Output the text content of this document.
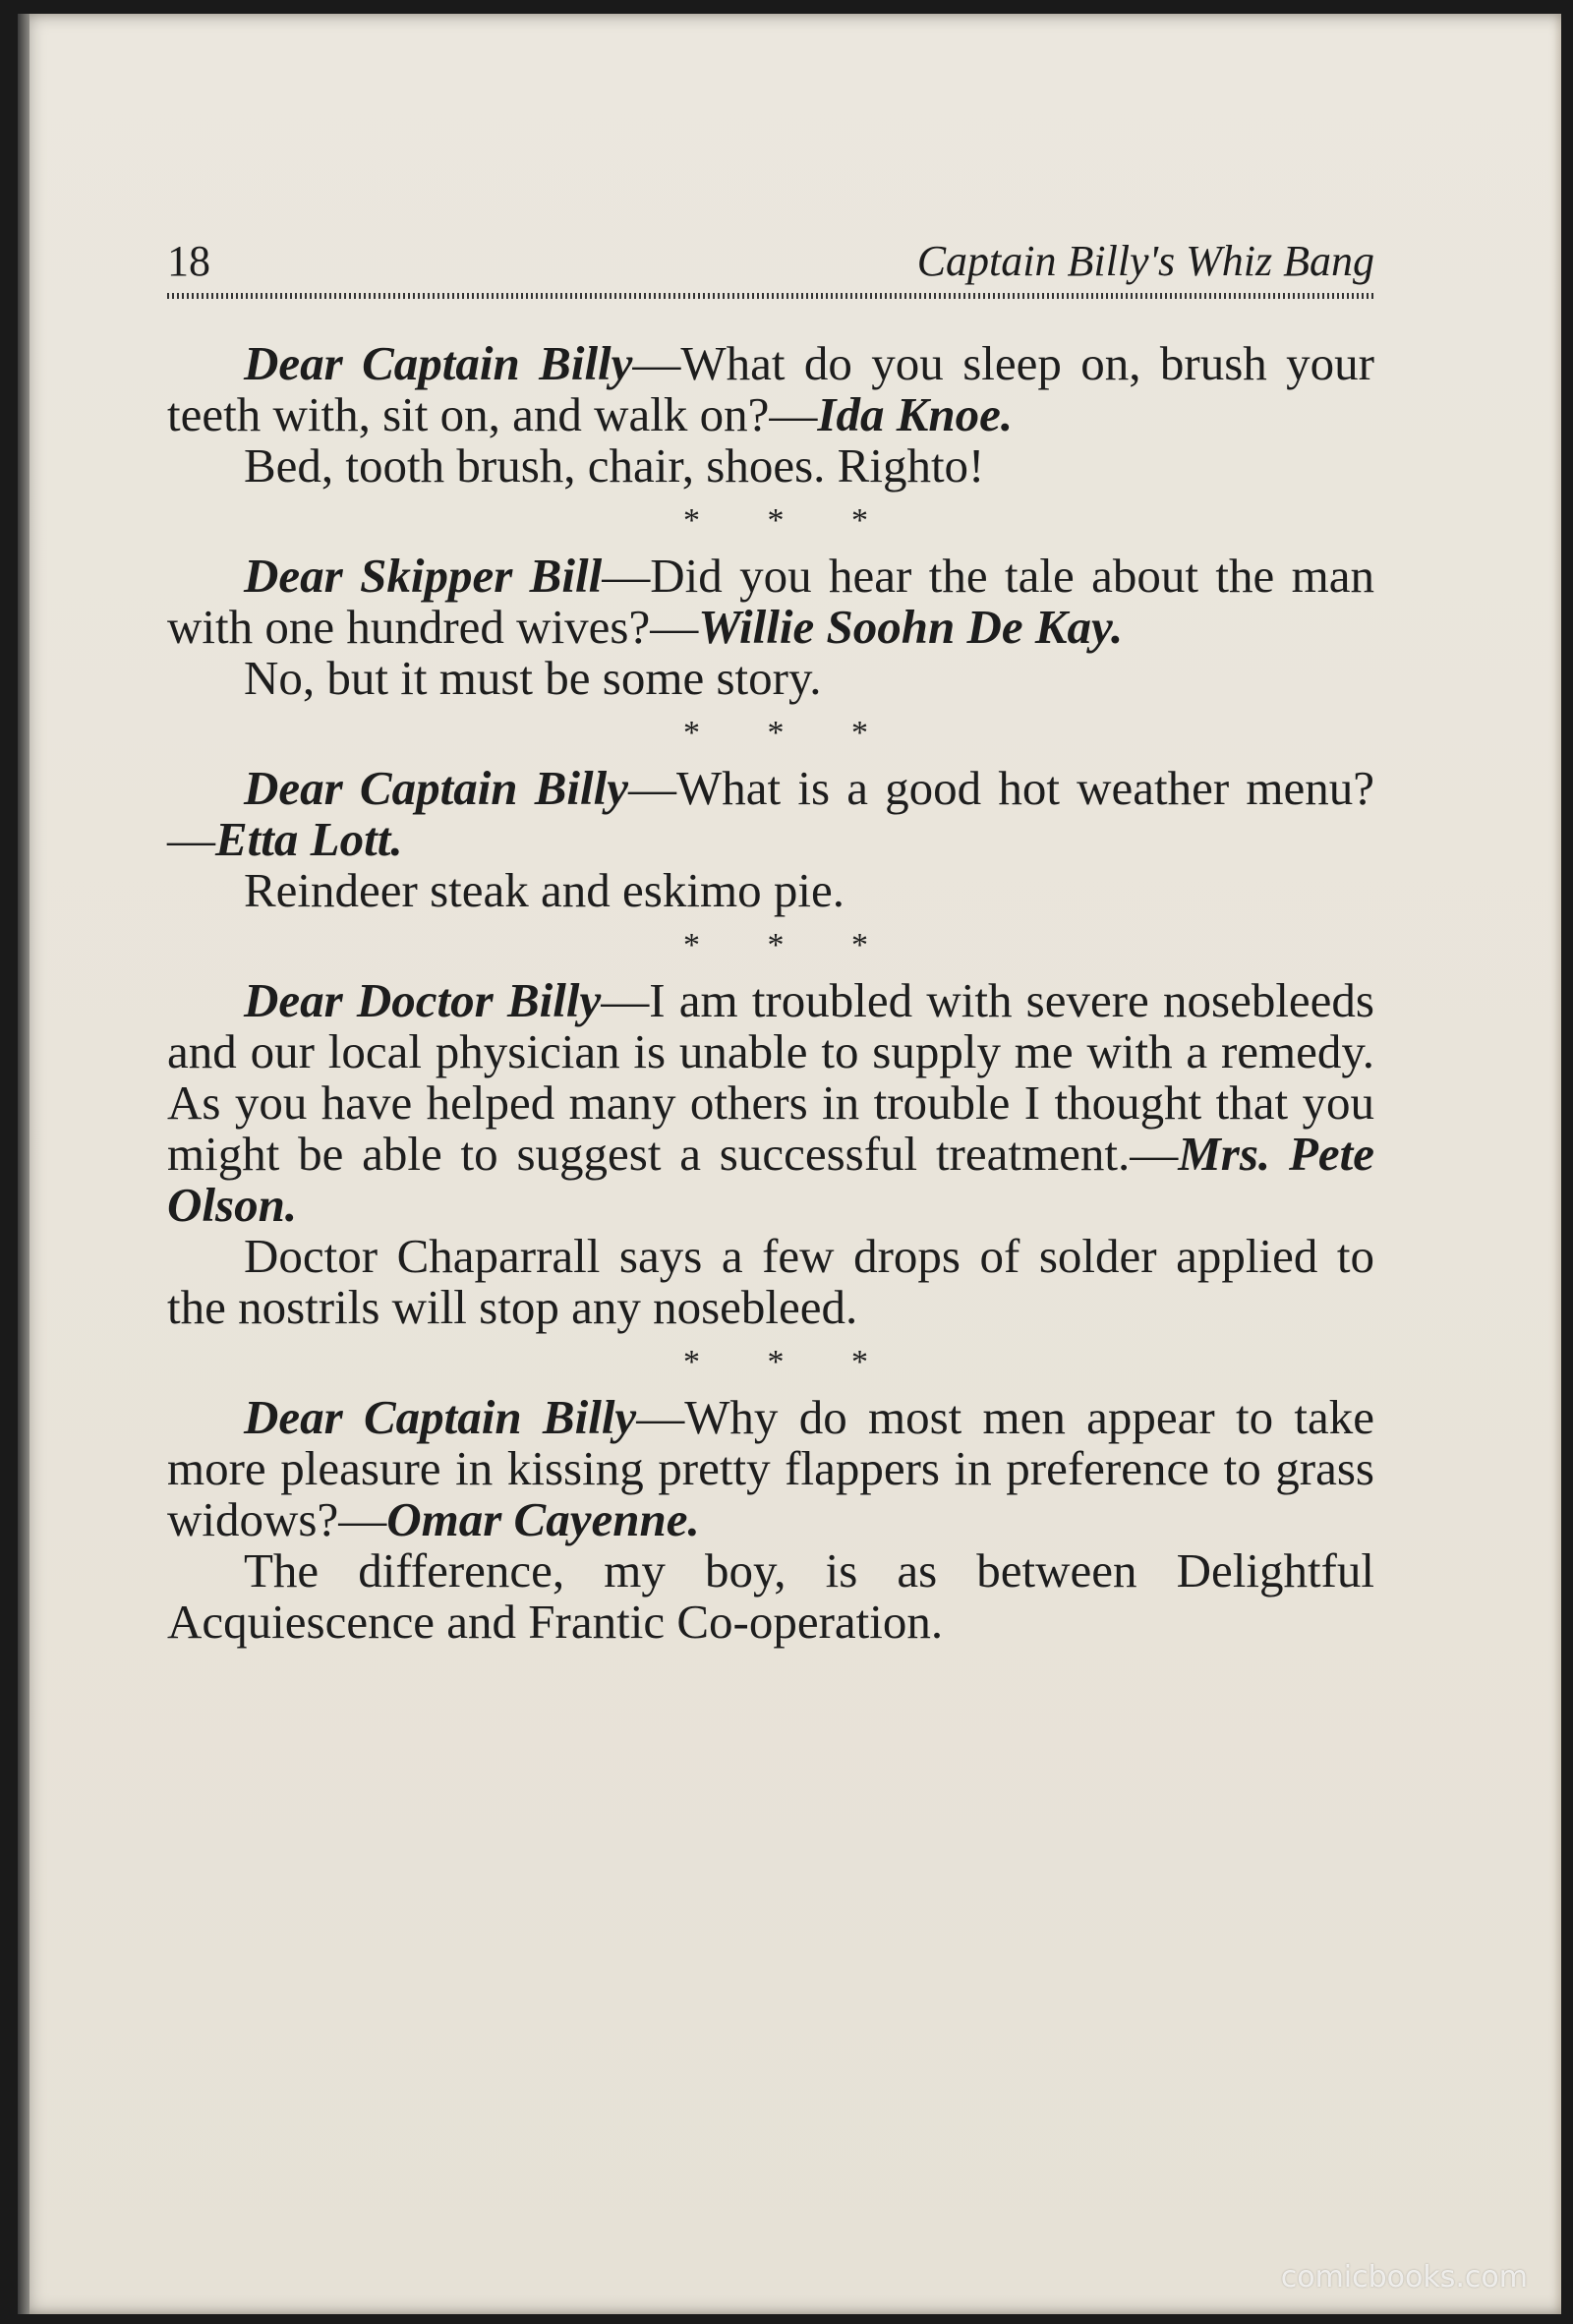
18	Captain Billy's Whiz Bang

Dear Captain Billy—What do you sleep on, brush your teeth with, sit on, and walk on?—Ida Knoe.

Bed, tooth brush, chair, shoes. Righto!

* * *

Dear Skipper Bill—Did you hear the tale about the man with one hundred wives?—Willie Soohn De Kay.

No, but it must be some story.

* * *

Dear Captain Billy—What is a good hot weather menu?—Etta Lott.

Reindeer steak and eskimo pie.

* * *

Dear Doctor Billy—I am troubled with severe nosebleeds and our local physician is unable to supply me with a remedy. As you have helped many others in trouble I thought that you might be able to suggest a successful treatment.—Mrs. Pete Olson.

Doctor Chaparrall says a few drops of solder applied to the nostrils will stop any nosebleed.

* * *

Dear Captain Billy—Why do most men appear to take more pleasure in kissing pretty flappers in preference to grass widows?—Omar Cayenne.

The difference, my boy, is as between Delightful Acquiescence and Frantic Co-operation.

comicbooks.com
